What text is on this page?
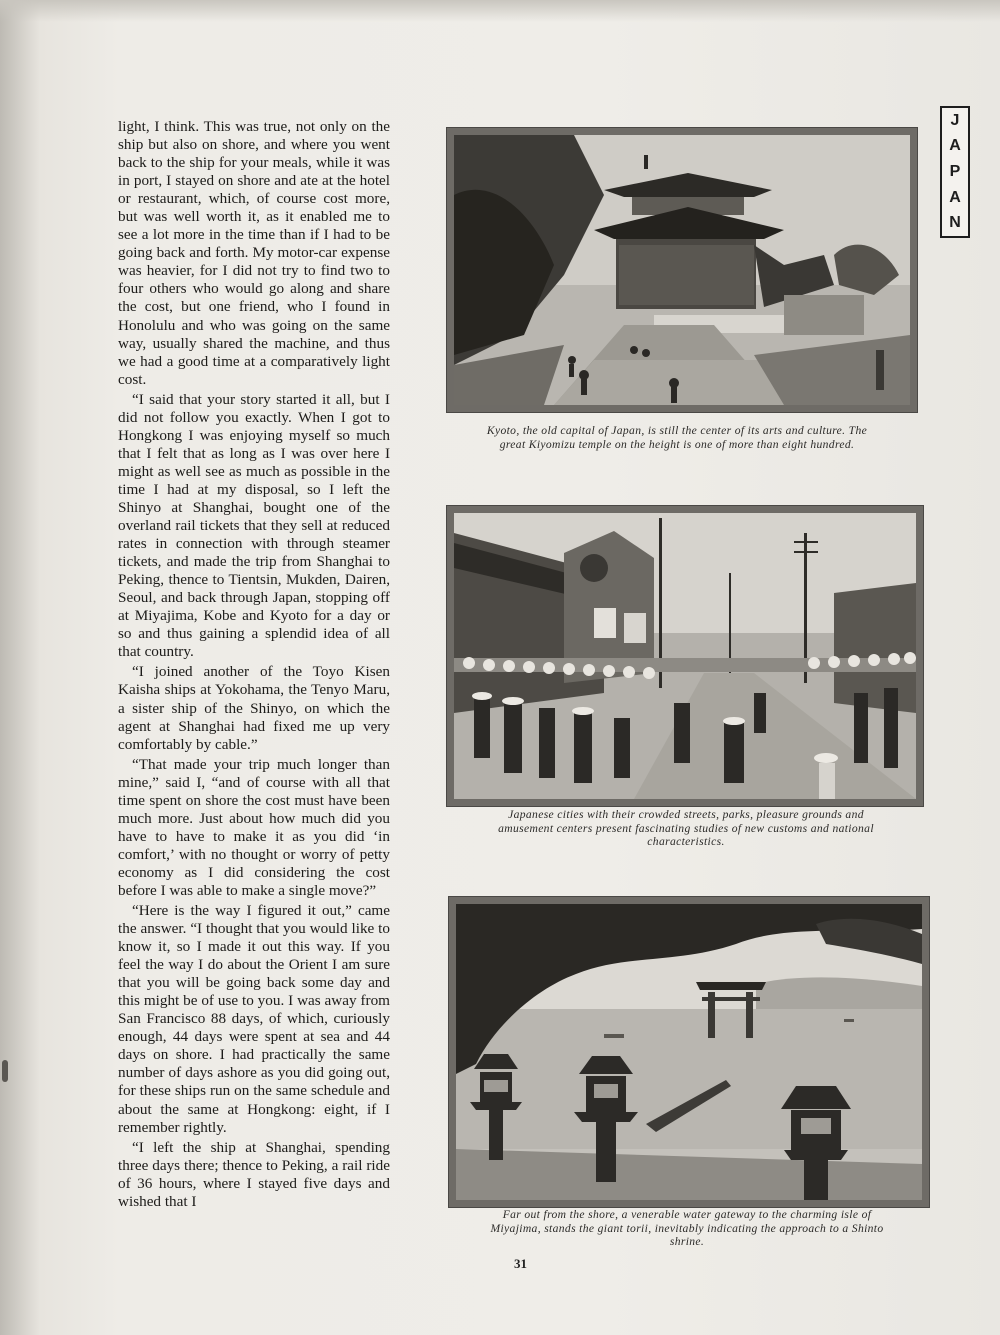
J
A
P
A
N

light, I think. This was true, not only on the ship but also on shore, and where you went back to the ship for your meals, while it was in port, I stayed on shore and ate at the hotel or restaurant, which, of course cost more, but was well worth it, as it enabled me to see a lot more in the time than if I had to be going back and forth. My motor-car expense was heavier, for I did not try to find two to four others who would go along and share the cost, but one friend, who I found in Honolulu and who was going on the same way, usually shared the machine, and thus we had a good time at a comparatively light cost.

“I said that your story started it all, but I did not follow you exactly. When I got to Hongkong I was enjoying myself so much that I felt that as long as I was over here I might as well see as much as possible in the time I had at my disposal, so I left the Shinyo at Shanghai, bought one of the overland rail tickets that they sell at reduced rates in connection with through steamer tickets, and made the trip from Shanghai to Peking, thence to Tientsin, Mukden, Dairen, Seoul, and back through Japan, stopping off at Miyajima, Kobe and Kyoto for a day or so and thus gaining a splendid idea of all that country.

“I joined another of the Toyo Kisen Kaisha ships at Yokohama, the Tenyo Maru, a sister ship of the Shinyo, on which the agent at Shanghai had fixed me up very comfortably by cable.”

“That made your trip much longer than mine,” said I, “and of course with all that time spent on shore the cost must have been much more. Just about how much did you have to have to make it as you did ‘in comfort,’ with no thought or worry of petty economy as I did considering the cost before I was able to make a single move?”

“Here is the way I figured it out,” came the answer. “I thought that you would like to know it, so I made it out this way. If you feel the way I do about the Orient I am sure that you will be going back some day and this might be of use to you. I was away from San Francisco 88 days, of which, curiously enough, 44 days were spent at sea and 44 days on shore. I had practically the same number of days ashore as you did going out, for these ships run on the same schedule and about the same at Hongkong: eight, if I remember rightly.

“I left the ship at Shanghai, spending three days there; thence to Peking, a rail ride of 36 hours, where I stayed five days and wished that I

Kyoto, the old capital of Japan, is still the center of its arts and culture. The great Kiyomizu temple on the height is one of more than eight hundred.
Japanese cities with their crowded streets, parks, pleasure grounds and amusement centers present fascinating studies of new customs and national characteristics.
Far out from the shore, a venerable water gateway to the charming isle of Miyajima, stands the giant torii, inevitably indicating the approach to a Shinto shrine.
31
